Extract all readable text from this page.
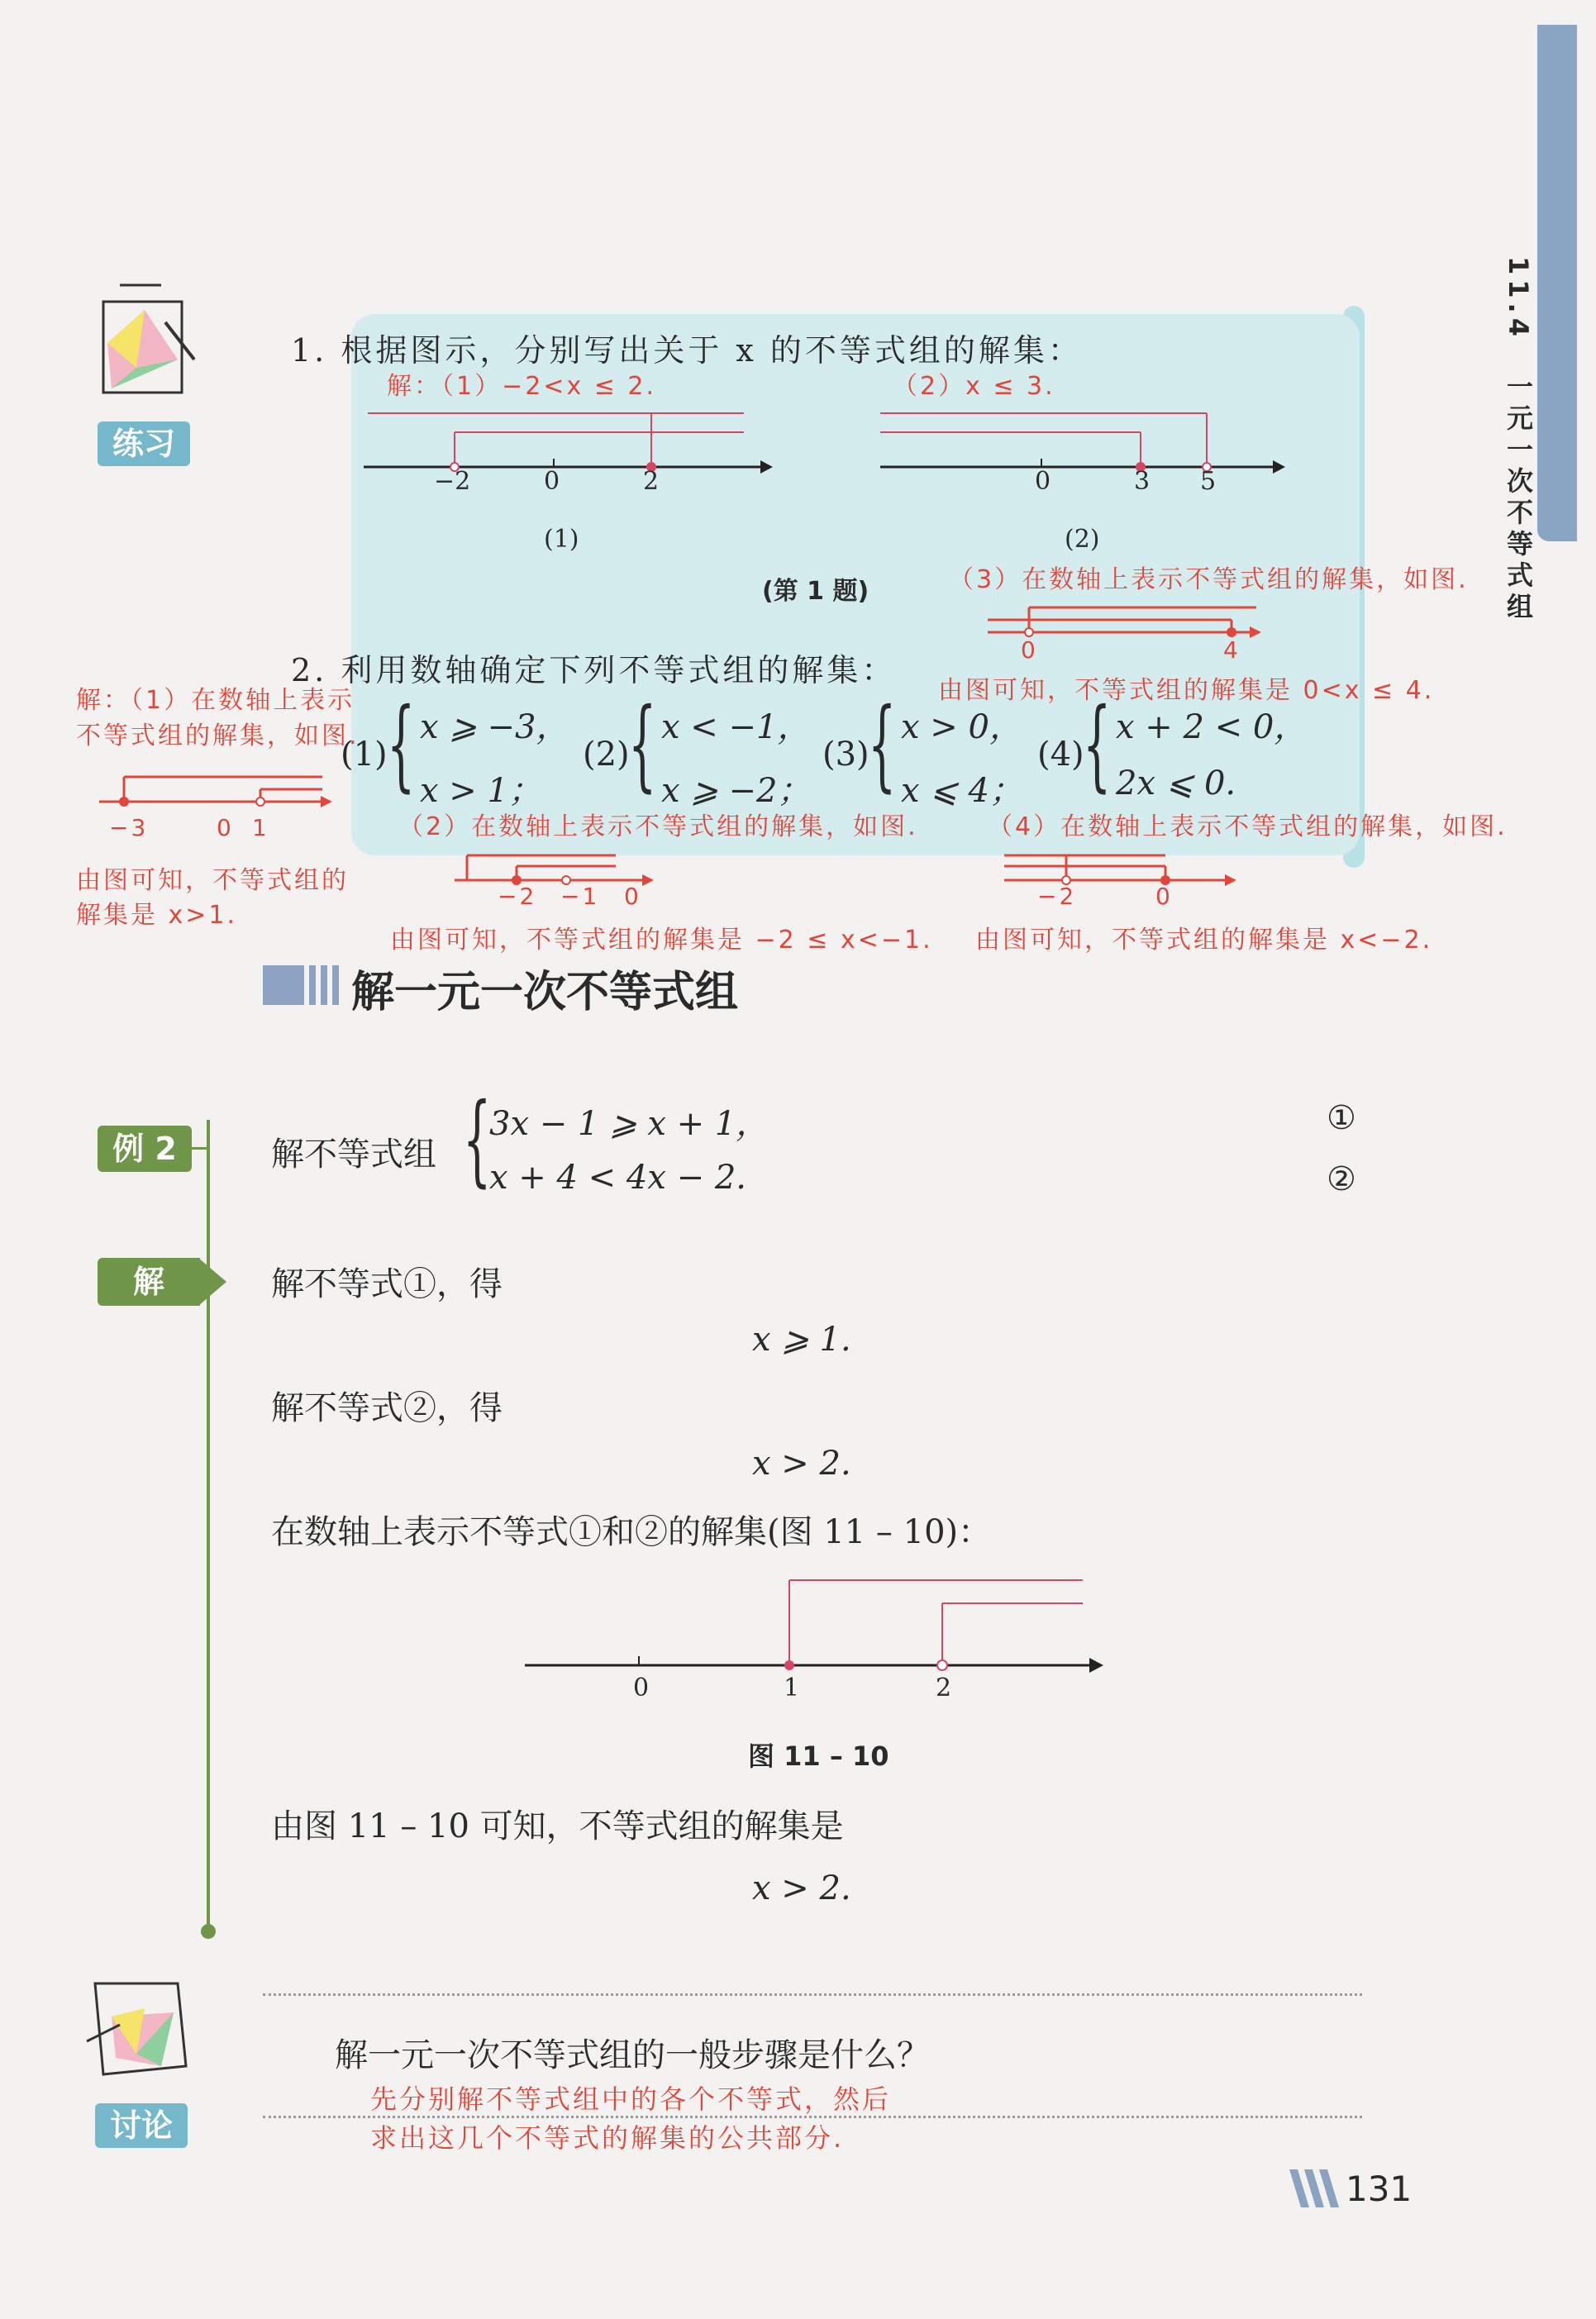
11.4　一元一次不等式组
练习
1. 根据图示，分别写出关于 x 的不等式组的解集：
解：（1）−2<x ≤ 2.	（2）x ≤ 3.
−2	0	2
(1)
0	3 5
(2)
(第 1 题)	（3）在数轴上表示不等式组的解集，如图.
0	4
由图可知，不等式组的解集是 0<x ≤ 4.
2. 利用数轴确定下列不等式组的解集：
(1) { x ⩾ −3，
x > 1；
(2)
{ x < −1，
x ⩾ −2；
(3)
{ x > 0，
x ⩽ 4；
(4)
{ x + 2 < 0，
2x ⩽ 0.
解：（1）在数轴上表示
不等式组的解集，如图.
−3	0 1
由图可知，不等式组的
解集是 x>1.
（2）在数轴上表示不等式组的解集，如图.
−2 −1 0
由图可知，不等式组的解集是 −2 ≤ x<−1.
（4）在数轴上表示不等式组的解集，如图.
−2	0
由图可知，不等式组的解集是 x<−2.
解一元一次不等式组
例 2	解不等式组 {
3x − 1 ⩾ x + 1，
x + 4 < 4x − 2.
①
②
解	解不等式①，得
x ⩾ 1.
解不等式②，得
x > 2.
在数轴上表示不等式①和②的解集(图 11 – 10)：
0	1	2
图 11 – 10
由图 11 – 10 可知，不等式组的解集是
x > 2.
讨论
解一元一次不等式组的一般步骤是什么？
先分别解不等式组中的各个不等式，然后
求出这几个不等式的解集的公共部分.
131
